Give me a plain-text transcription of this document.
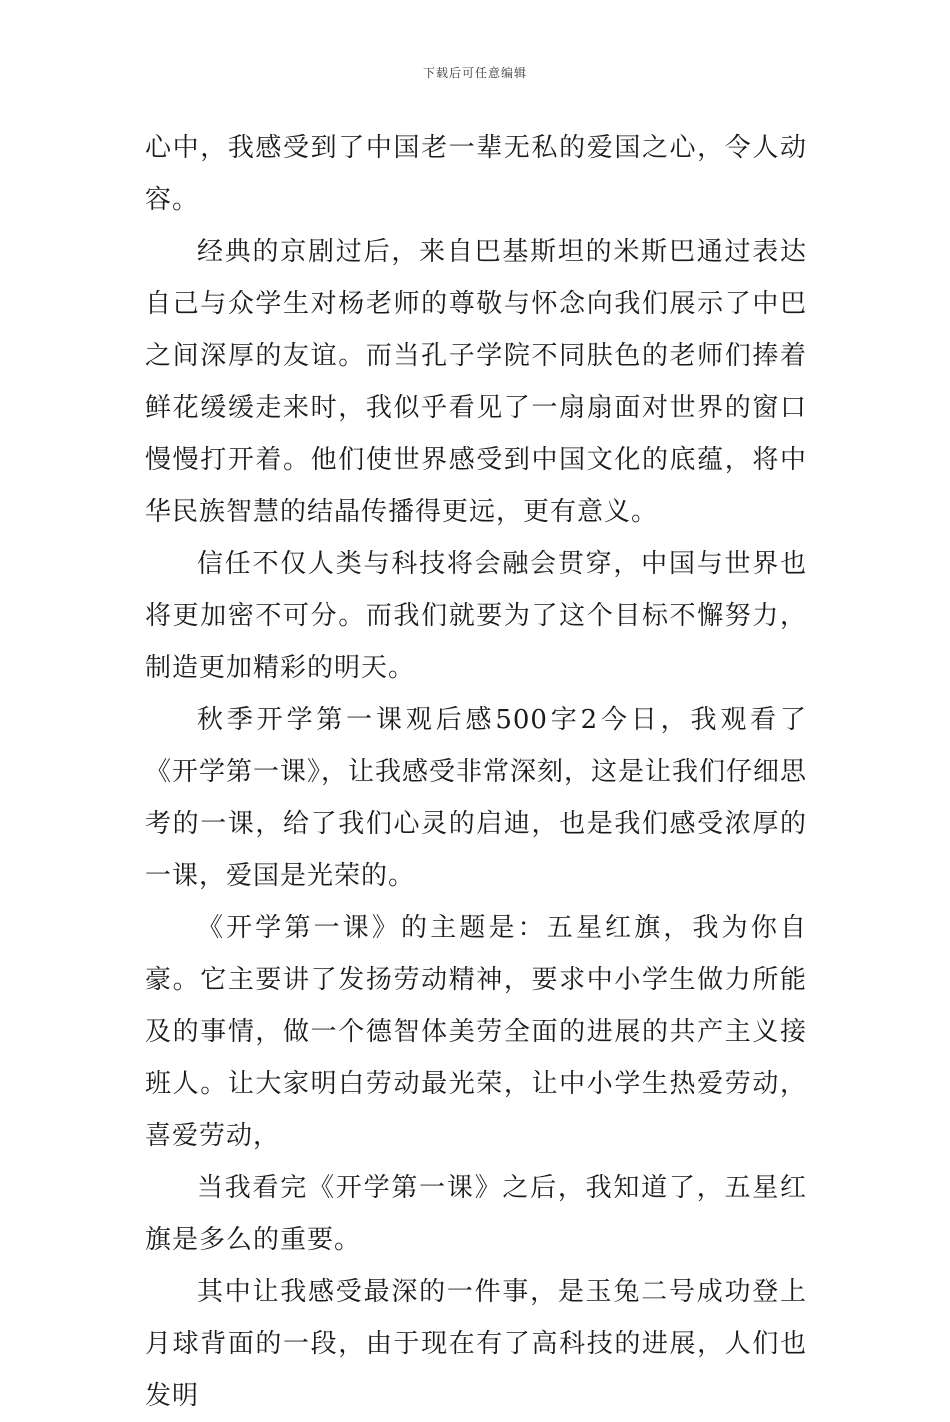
下载后可任意编辑

心中，我感受到了中国老一辈无私的爱国之心，令人动容。

经典的京剧过后，来自巴基斯坦的米斯巴通过表达自己与众学生对杨老师的尊敬与怀念向我们展示了中巴之间深厚的友谊。而当孔子学院不同肤色的老师们捧着鲜花缓缓走来时，我似乎看见了一扇扇面对世界的窗口慢慢打开着。他们使世界感受到中国文化的底蕴，将中华民族智慧的结晶传播得更远，更有意义。

信任不仅人类与科技将会融会贯穿，中国与世界也将更加密不可分。而我们就要为了这个目标不懈努力，制造更加精彩的明天。

秋季开学第一课观后感500字2今日，我观看了《开学第一课》，让我感受非常深刻，这是让我们仔细思考的一课，给了我们心灵的启迪，也是我们感受浓厚的一课，爱国是光荣的。

《开学第一课》的主题是：五星红旗，我为你自豪。它主要讲了发扬劳动精神，要求中小学生做力所能及的事情，做一个德智体美劳全面的进展的共产主义接班人。让大家明白劳动最光荣，让中小学生热爱劳动，喜爱劳动，

当我看完《开学第一课》之后，我知道了，五星红旗是多么的重要。

其中让我感受最深的一件事，是玉兔二号成功登上月球背面的一段，由于现在有了高科技的进展，人们也发明
